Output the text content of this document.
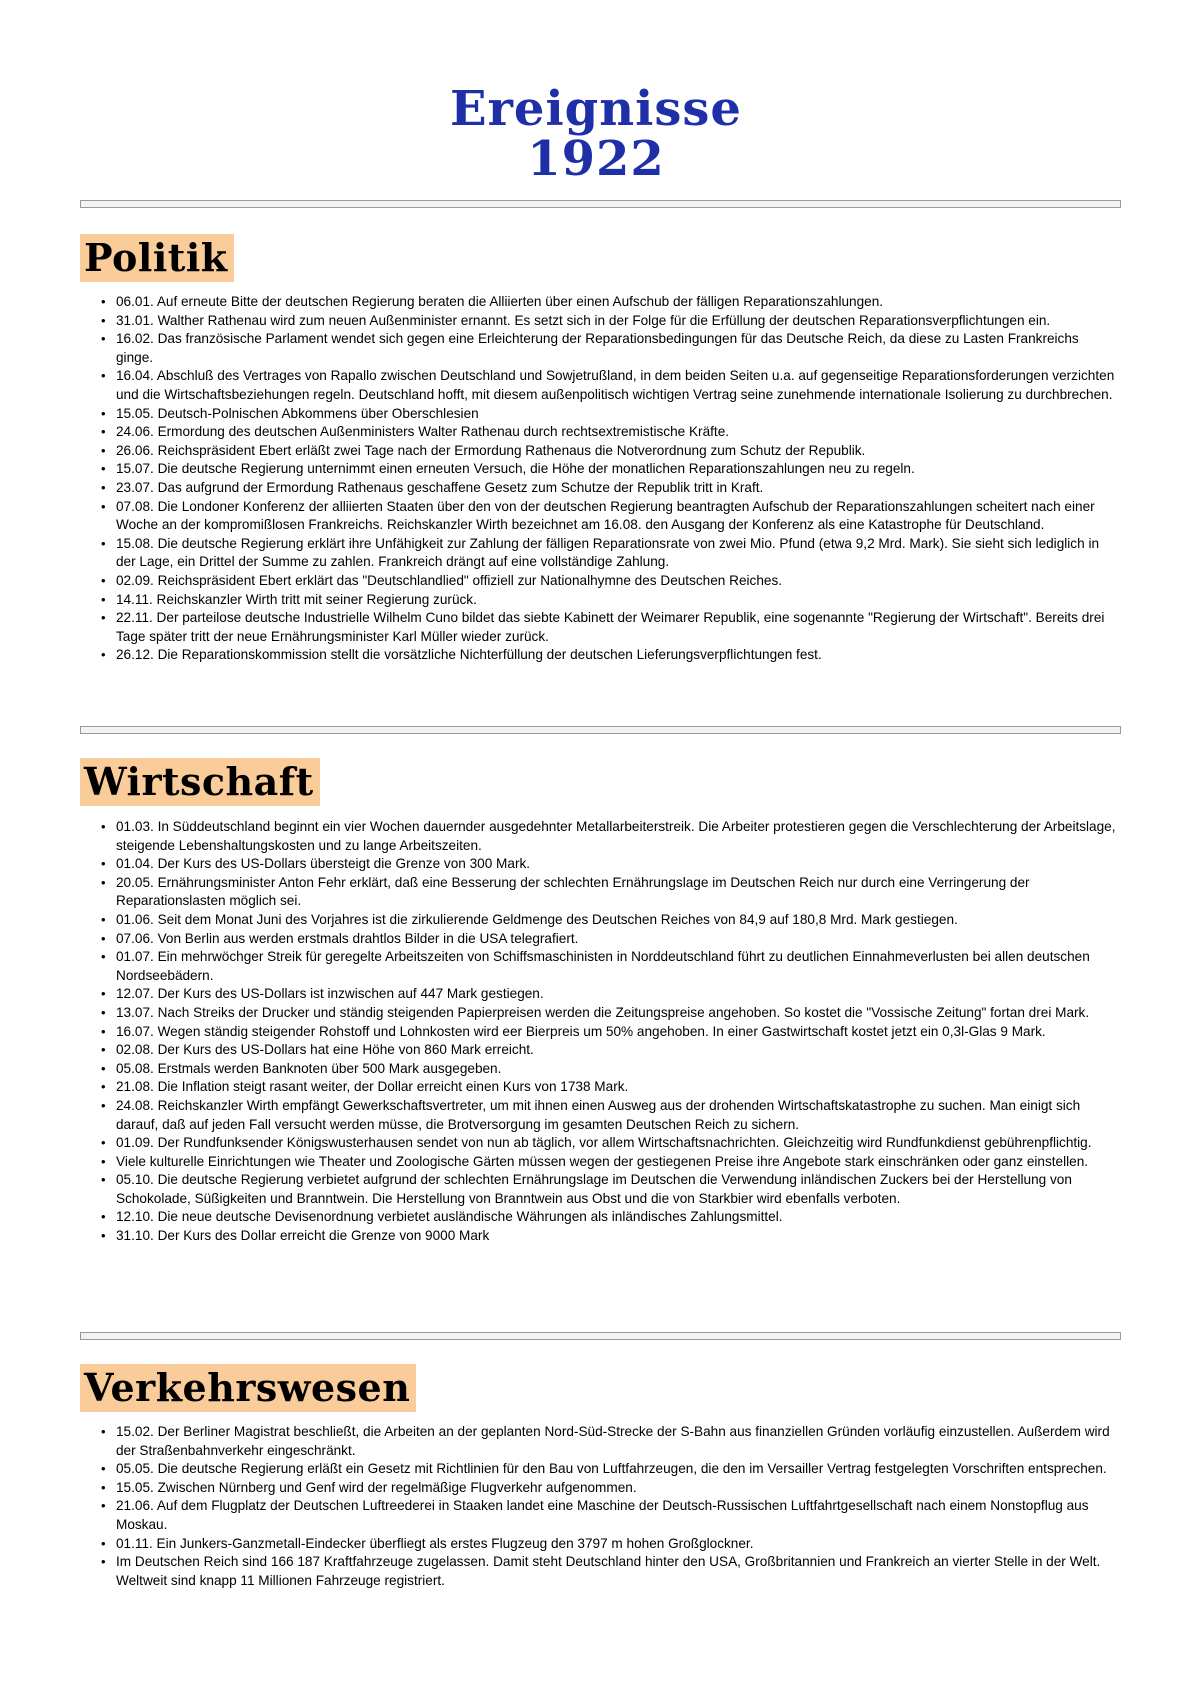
Ereignisse
1922
Politik
• 06.01. Auf erneute Bitte der deutschen Regierung beraten die Alliierten über einen Aufschub der fälligen Reparationszahlungen.
• 31.01. Walther Rathenau wird zum neuen Außenminister ernannt. Es setzt sich in der Folge für die Erfüllung der deutschen Reparationsverpflichtungen ein.
• 16.02. Das französische Parlament wendet sich gegen eine Erleichterung der Reparationsbedingungen für das Deutsche Reich, da diese zu Lasten Frankreichs ginge.
• 16.04. Abschluß des Vertrages von Rapallo zwischen Deutschland und Sowjetrußland, in dem beiden Seiten u.a. auf gegenseitige Reparationsforderungen verzichten und die Wirtschaftsbeziehungen regeln. Deutschland hofft, mit diesem außenpolitisch wichtigen Vertrag seine zunehmende internationale Isolierung zu durchbrechen.
• 15.05. Deutsch-Polnischen Abkommens über Oberschlesien
• 24.06. Ermordung des deutschen Außenministers Walter Rathenau durch rechtsextremistische Kräfte.
• 26.06. Reichspräsident Ebert erläßt zwei Tage nach der Ermordung Rathenaus die Notverordnung zum Schutz der Republik.
• 15.07. Die deutsche Regierung unternimmt einen erneuten Versuch, die Höhe der monatlichen Reparationszahlungen neu zu regeln.
• 23.07. Das aufgrund der Ermordung Rathenaus geschaffene Gesetz zum Schutze der Republik tritt in Kraft.
• 07.08. Die Londoner Konferenz der alliierten Staaten über den von der deutschen Regierung beantragten Aufschub der Reparationszahlungen scheitert nach einer Woche an der kompromißlosen Frankreichs. Reichskanzler Wirth bezeichnet am 16.08. den Ausgang der Konferenz als eine Katastrophe für Deutschland.
• 15.08. Die deutsche Regierung erklärt ihre Unfähigkeit zur Zahlung der fälligen Reparationsrate von zwei Mio. Pfund (etwa 9,2 Mrd. Mark). Sie sieht sich lediglich in der Lage, ein Drittel der Summe zu zahlen. Frankreich drängt auf eine vollständige Zahlung.
• 02.09. Reichspräsident Ebert erklärt das "Deutschlandlied" offiziell zur Nationalhymne des Deutschen Reiches.
• 14.11. Reichskanzler Wirth tritt mit seiner Regierung zurück.
• 22.11. Der parteilose deutsche Industrielle Wilhelm Cuno bildet das siebte Kabinett der Weimarer Republik, eine sogenannte "Regierung der Wirtschaft". Bereits drei Tage später tritt der neue Ernährungsminister Karl Müller wieder zurück.
• 26.12. Die Reparationskommission stellt die vorsätzliche Nichterfüllung der deutschen Lieferungsverpflichtungen fest.
Wirtschaft
• 01.03. In Süddeutschland beginnt ein vier Wochen dauernder ausgedehnter Metallarbeiterstreik. Die Arbeiter protestieren gegen die Verschlechterung der Arbeitslage, steigende Lebenshaltungskosten und zu lange Arbeitszeiten.
• 01.04. Der Kurs des US-Dollars übersteigt die Grenze von 300 Mark.
• 20.05. Ernährungsminister Anton Fehr erklärt, daß eine Besserung der schlechten Ernährungslage im Deutschen Reich nur durch eine Verringerung der Reparationslasten möglich sei.
• 01.06. Seit dem Monat Juni des Vorjahres ist die zirkulierende Geldmenge des Deutschen Reiches von 84,9 auf 180,8 Mrd. Mark gestiegen.
• 07.06. Von Berlin aus werden erstmals drahtlos Bilder in die USA telegrafiert.
• 01.07. Ein mehrwöchger Streik für geregelte Arbeitszeiten von Schiffsmaschinisten in Norddeutschland führt zu deutlichen Einnahmeverlusten bei allen deutschen Nordseebädern.
• 12.07. Der Kurs des US-Dollars ist inzwischen auf 447 Mark gestiegen.
• 13.07. Nach Streiks der Drucker und ständig steigenden Papierpreisen werden die Zeitungspreise angehoben. So kostet die "Vossische Zeitung" fortan drei Mark.
• 16.07. Wegen ständig steigender Rohstoff und Lohnkosten wird eer Bierpreis um 50% angehoben. In einer Gastwirtschaft kostet jetzt ein 0,3l-Glas 9 Mark.
• 02.08. Der Kurs des US-Dollars hat eine Höhe von 860 Mark erreicht.
• 05.08. Erstmals werden Banknoten über 500 Mark ausgegeben.
• 21.08. Die Inflation steigt rasant weiter, der Dollar erreicht einen Kurs von 1738 Mark.
• 24.08. Reichskanzler Wirth empfängt Gewerkschaftsvertreter, um mit ihnen einen Ausweg aus der drohenden Wirtschaftskatastrophe zu suchen. Man einigt sich darauf, daß auf jeden Fall versucht werden müsse, die Brotversorgung im gesamten Deutschen Reich zu sichern.
• 01.09. Der Rundfunksender Königswusterhausen sendet von nun ab täglich, vor allem Wirtschaftsnachrichten. Gleichzeitig wird Rundfunkdienst gebührenpflichtig.
• Viele kulturelle Einrichtungen wie Theater und Zoologische Gärten müssen wegen der gestiegenen Preise ihre Angebote stark einschränken oder ganz einstellen.
• 05.10. Die deutsche Regierung verbietet aufgrund der schlechten Ernährungslage im Deutschen die Verwendung inländischen Zuckers bei der Herstellung von Schokolade, Süßigkeiten und Branntwein. Die Herstellung von Branntwein aus Obst und die von Starkbier wird ebenfalls verboten.
• 12.10. Die neue deutsche Devisenordnung verbietet ausländische Währungen als inländisches Zahlungsmittel.
• 31.10. Der Kurs des Dollar erreicht die Grenze von 9000 Mark
Verkehrswesen
• 15.02. Der Berliner Magistrat beschließt, die Arbeiten an der geplanten Nord-Süd-Strecke der S-Bahn aus finanziellen Gründen vorläufig einzustellen. Außerdem wird der Straßenbahnverkehr eingeschränkt.
• 05.05. Die deutsche Regierung erläßt ein Gesetz mit Richtlinien für den Bau von Luftfahrzeugen, die den im Versailler Vertrag festgelegten Vorschriften entsprechen.
• 15.05. Zwischen Nürnberg und Genf wird der regelmäßige Flugverkehr aufgenommen.
• 21.06. Auf dem Flugplatz der Deutschen Luftreederei in Staaken landet eine Maschine der Deutsch-Russischen Luftfahrtgesellschaft nach einem Nonstopflug aus Moskau.
• 01.11. Ein Junkers-Ganzmetall-Eindecker überfliegt als erstes Flugzeug den 3797 m hohen Großglockner.
• Im Deutschen Reich sind 166 187 Kraftfahrzeuge zugelassen. Damit steht Deutschland hinter den USA, Großbritannien und Frankreich an vierter Stelle in der Welt. Weltweit sind knapp 11 Millionen Fahrzeuge registriert.
